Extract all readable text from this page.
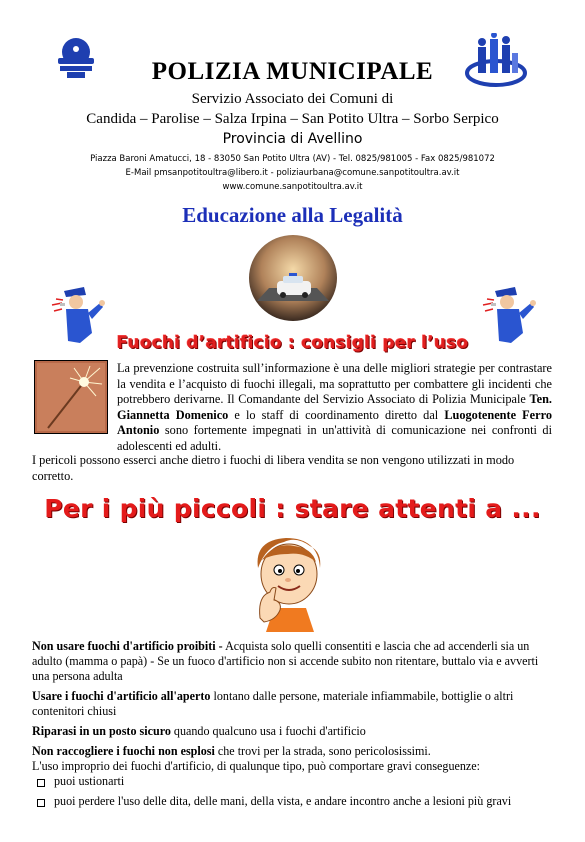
POLIZIA MUNICIPALE
Servizio Associato dei Comuni di
Candida – Parolise – Salza Irpina – San Potito Ultra – Sorbo Serpico
Provincia di Avellino
Piazza Baroni Amatucci, 18 - 83050 San Potito Ultra (AV) - Tel. 0825/981005 - Fax 0825/981072
E-Mail pmsanpotitoultra@libero.it - poliziaurbana@comune.sanpotitoultra.av.it
www.comune.sanpotitoultra.av.it
Educazione alla Legalità
Fuochi d’artificio : consigli per l’uso
La prevenzione costruita sull’informazione è una delle migliori strategie per contrastare la vendita e l’acquisto di fuochi illegali, ma soprattutto per combattere gli incidenti che potrebbero derivarne. Il Comandante del Servizio Associato di Polizia Municipale Ten. Giannetta Domenico e lo staff di coordinamento diretto dal Luogotenente Ferro Antonio sono fortemente impegnati in un'attività di comunicazione nei confronti di adolescenti ed adulti.
I pericoli possono esserci anche dietro i fuochi di libera vendita se non vengono utilizzati in modo corretto.
Per i più piccoli : stare attenti a ...

Non usare fuochi d'artificio proibiti - Acquista solo quelli consentiti e lascia che ad accenderli sia un adulto (mamma o papà) - Se un fuoco d'artificio non si accende subito non ritentare, buttalo via e avverti una persona adulta

Usare i fuochi d'artificio all'aperto lontano dalle persone, materiale infiammabile, bottiglie o altri contenitori chiusi

Riparasi in un posto sicuro quando qualcuno usa i fuochi d'artificio

Non raccogliere i fuochi non esplosi che trovi per la strada, sono pericolosissimi.

L'uso improprio dei fuochi d'artificio, di qualunque tipo, può comportare gravi conseguenze:

puoi ustionarti

puoi perdere l'uso delle dita, delle mani, della vista, e andare incontro anche a lesioni più gravi
